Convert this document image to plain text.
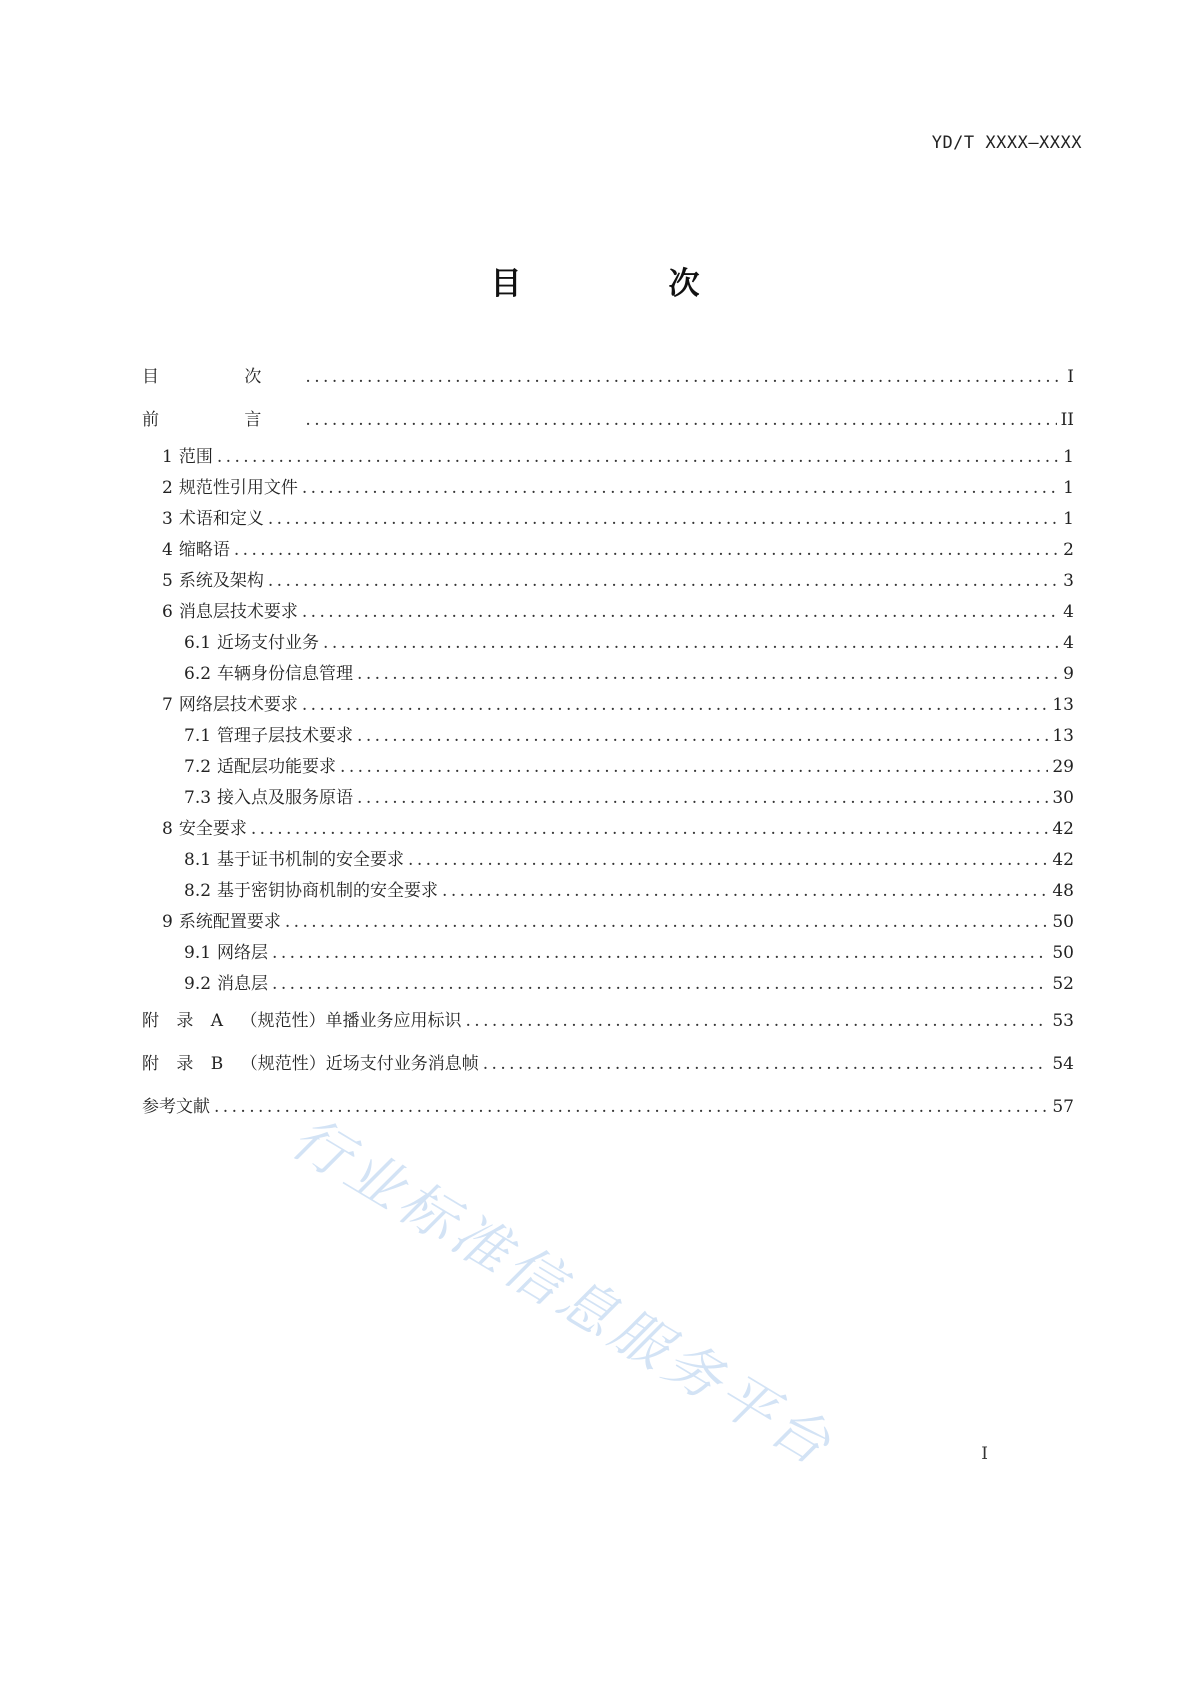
YD/T XXXX—XXXX
目　次
目 次 . . .	I
前 言 . . .	II
1 范围 . . .	1
2 规范性引用文件 . . .	1
3 术语和定义 . . .	1
4 缩略语 . . .	2
5 系统及架构 . . .	3
6 消息层技术要求 . . .	4
6.1 近场支付业务 . . .	4
6.2 车辆身份信息管理 . . .	9
7 网络层技术要求 . . .	13
7.1 管理子层技术要求 . . .	13
7.2 适配层功能要求 . . .	29
7.3 接入点及服务原语 . . .	30
8 安全要求 . . .	42
8.1 基于证书机制的安全要求 . . .	42
8.2 基于密钥协商机制的安全要求 . . .	48
9 系统配置要求 . . .	50
9.1 网络层 . . .	50
9.2 消息层 . . .	52
附 录 A （规范性）单播业务应用标识 . . .	53
附 录 B （规范性）近场支付业务消息帧 . . .	54
参考文献 . . .	57
行业标准信息服务平台	I
